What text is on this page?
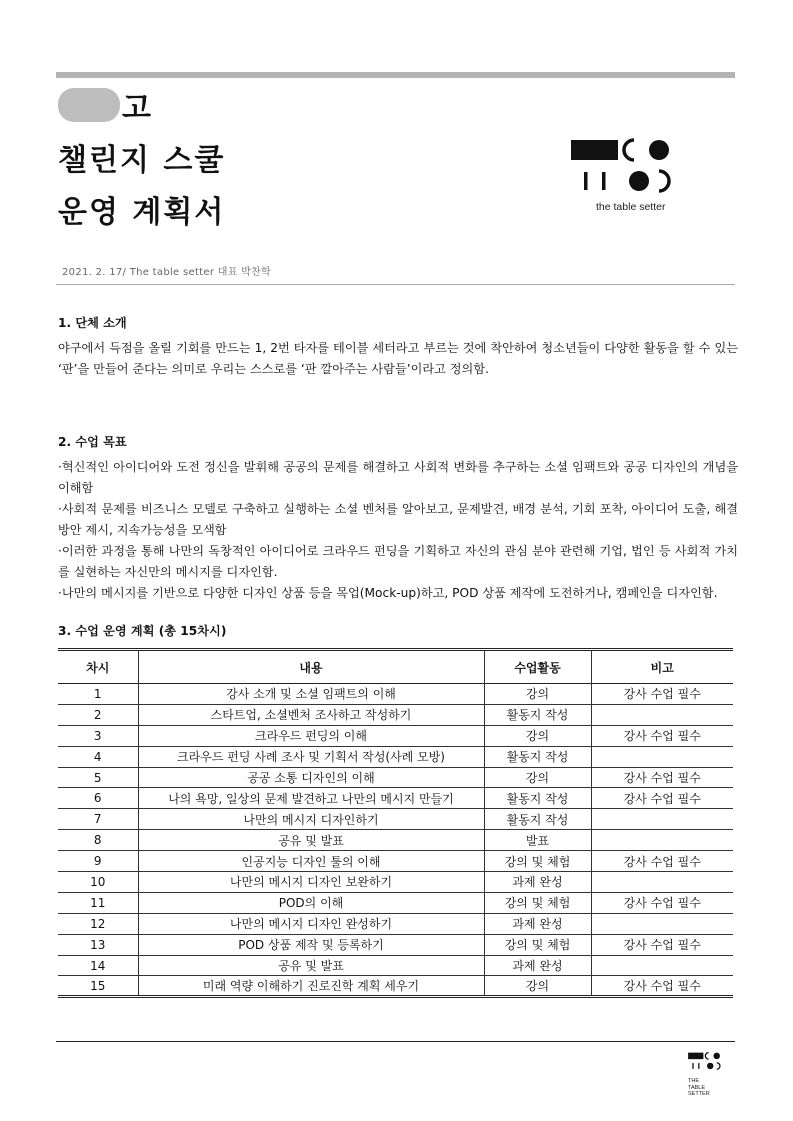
고
챌린지 스쿨
운영 계획서	the table setter
2021. 2. 17/ The table setter 대표 박찬학
1. 단체 소개

야구에서 득점을 올릴 기회를 만드는 1, 2번 타자를 테이블 세터라고 부르는 것에 착안하여 청소년들이 다양한 활동을 할 수 있는 ‘판’을 만들어 준다는 의미로 우리는 스스로를 ‘판 깔아주는 사람들’이라고 정의함.

2. 수업 목표

·혁신적인 아이디어와 도전 정신을 발휘해 공공의 문제를 해결하고 사회적 변화를 추구하는 소셜 임팩트와 공공 디자인의 개념을 이해함

·사회적 문제를 비즈니스 모델로 구축하고 실행하는 소셜 벤처를 알아보고, 문제발견, 배경 분석, 기회 포착, 아이디어 도출, 해결방안 제시, 지속가능성을 모색함

·이러한 과정을 통해 나만의 독창적인 아이디어로 크라우드 펀딩을 기획하고 자신의 관심 분야 관련해 기업, 법인 등 사회적 가치를 실현하는 자신만의 메시지를 디자인함.

·나만의 메시지를 기반으로 다양한 디자인 상품 등을 목업(Mock-up)하고, POD 상품 제작에 도전하거나, 캠페인을 디자인함.

3. 수업 운영 계획 (총 15차시)
차시	내용	수업활동	비고
1	강사 소개 및 소셜 임팩트의 이해	강의	강사 수업 필수
2	스타트업, 소셜벤처 조사하고 작성하기	활동지 작성	
3	크라우드 펀딩의 이해	강의	강사 수업 필수
4	크라우드 펀딩 사례 조사 및 기획서 작성(사례 모방)	활동지 작성	
5	공공 소통 디자인의 이해	강의	강사 수업 필수
6	나의 욕망, 일상의 문제 발견하고 나만의 메시지 만들기	활동지 작성	강사 수업 필수
7	나만의 메시지 디자인하기	활동지 작성	
8	공유 및 발표	발표	
9	인공지능 디자인 툴의 이해	강의 및 체험	강사 수업 필수
10	나만의 메시지 디자인 보완하기	과제 완성	
11	POD의 이해	강의 및 체험	강사 수업 필수
12	나만의 메시지 디자인 완성하기	과제 완성	
13	POD 상품 제작 및 등록하기	강의 및 체험	강사 수업 필수
14	공유 및 발표	과제 완성	
15	미래 역량 이해하기 진로진학 계획 세우기	강의	강사 수업 필수
THE
TABLE
SETTER
